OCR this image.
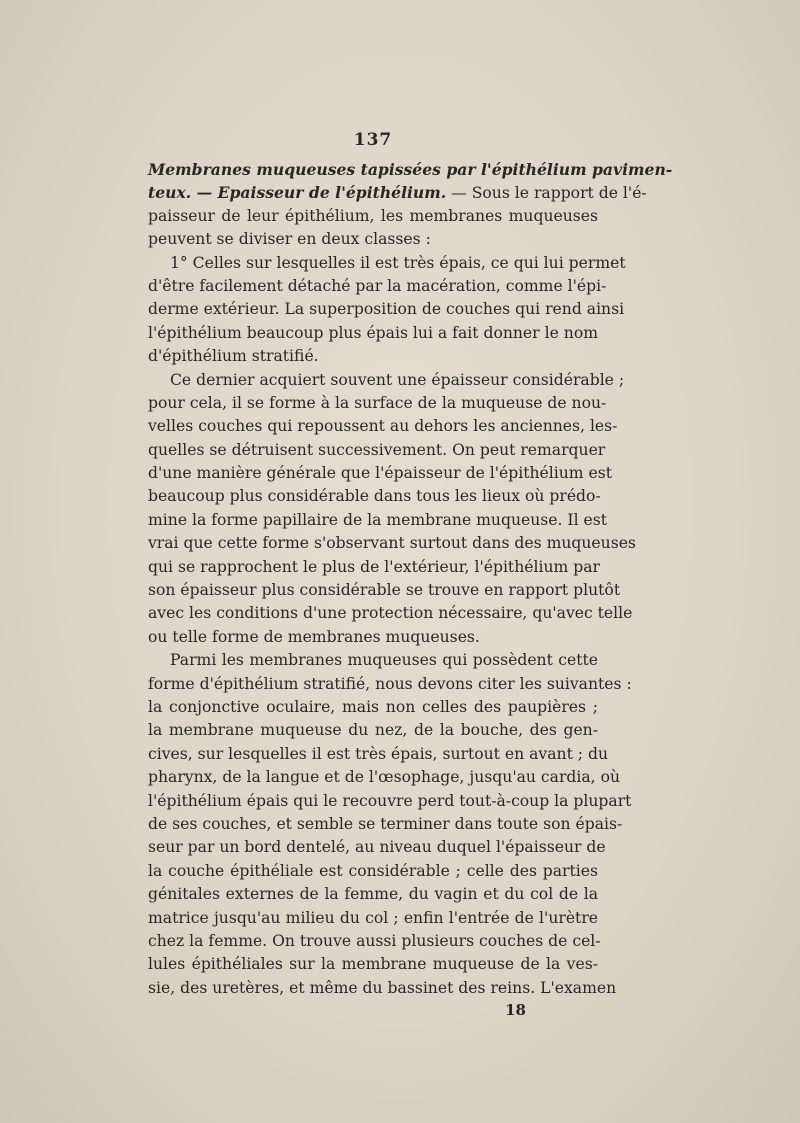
137
Membranes muqueuses tapissées par l'épithélium pavimen-
teux. — Epaisseur de l'épithélium. — Sous le rapport de l'é-
paisseur de leur épithélium, les membranes muqueuses
peuvent se diviser en deux classes :
1° Celles sur lesquelles il est très épais, ce qui lui permet
d'être facilement détaché par la macération, comme l'épi-
derme extérieur. La superposition de couches qui rend ainsi
l'épithélium beaucoup plus épais lui a fait donner le nom
d'épithélium stratifié.
Ce dernier acquiert souvent une épaisseur considérable ;
pour cela, il se forme à la surface de la muqueuse de nou-
velles couches qui repoussent au dehors les anciennes, les-
quelles se détruisent successivement. On peut remarquer
d'une manière générale que l'épaisseur de l'épithélium est
beaucoup plus considérable dans tous les lieux où prédo-
mine la forme papillaire de la membrane muqueuse. Il est
vrai que cette forme s'observant surtout dans des muqueuses
qui se rapprochent le plus de l'extérieur, l'épithélium par
son épaisseur plus considérable se trouve en rapport plutôt
avec les conditions d'une protection nécessaire, qu'avec telle
ou telle forme de membranes muqueuses.
Parmi les membranes muqueuses qui possèdent cette
forme d'épithélium stratifié, nous devons citer les suivantes :
la conjonctive oculaire, mais non celles des paupières ;
la membrane muqueuse du nez, de la bouche, des gen-
cives, sur lesquelles il est très épais, surtout en avant ; du
pharynx, de la langue et de l'œsophage, jusqu'au cardia, où
l'épithélium épais qui le recouvre perd tout-à-coup la plupart
de ses couches, et semble se terminer dans toute son épais-
seur par un bord dentelé, au niveau duquel l'épaisseur de
la couche épithéliale est considérable ; celle des parties
génitales externes de la femme, du vagin et du col de la
matrice jusqu'au milieu du col ; enfin l'entrée de l'urètre
chez la femme. On trouve aussi plusieurs couches de cel-
lules épithéliales sur la membrane muqueuse de la ves-
sie, des uretères, et même du bassinet des reins. L'examen
18
